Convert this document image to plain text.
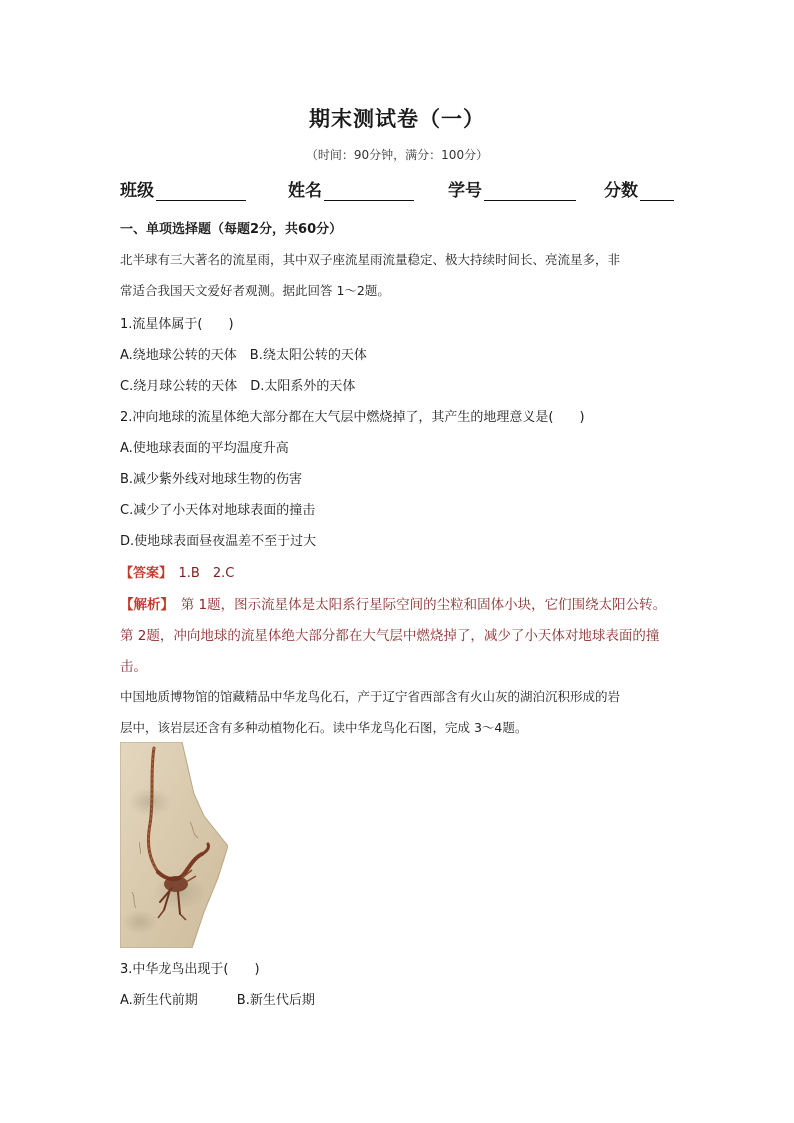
期末测试卷（一）
（时间：90分钟，满分：100分）
班级	姓名	学号	分数
一、单项选择题（每题2分，共60分）
北半球有三大著名的流星雨，其中双子座流星雨流量稳定、极大持续时间长、亮流星多，非
常适合我国天文爱好者观测。据此回答 1～2题。
1.流星体属于(　　)
A.绕地球公转的天体　B.绕太阳公转的天体
C.绕月球公转的天体　D.太阳系外的天体
2.冲向地球的流星体绝大部分都在大气层中燃烧掉了，其产生的地理意义是(　　)
A.使地球表面的平均温度升高
B.减少紫外线对地球生物的伤害
C.减少了小天体对地球表面的撞击
D.使地球表面昼夜温差不至于过大
【答案】　1.B　2.C
【解析】　第 1题，图示流星体是太阳系行星际空间的尘粒和固体小块，它们围绕太阳公转。
第 2题，冲向地球的流星体绝大部分都在大气层中燃烧掉了，减少了小天体对地球表面的撞
击。
中国地质博物馆的馆藏精品中华龙鸟化石，产于辽宁省西部含有火山灰的湖泊沉积形成的岩
层中，该岩层还含有多种动植物化石。读中华龙鸟化石图，完成 3～4题。
3.中华龙鸟出现于(　　)
A.新生代前期　　　B.新生代后期
